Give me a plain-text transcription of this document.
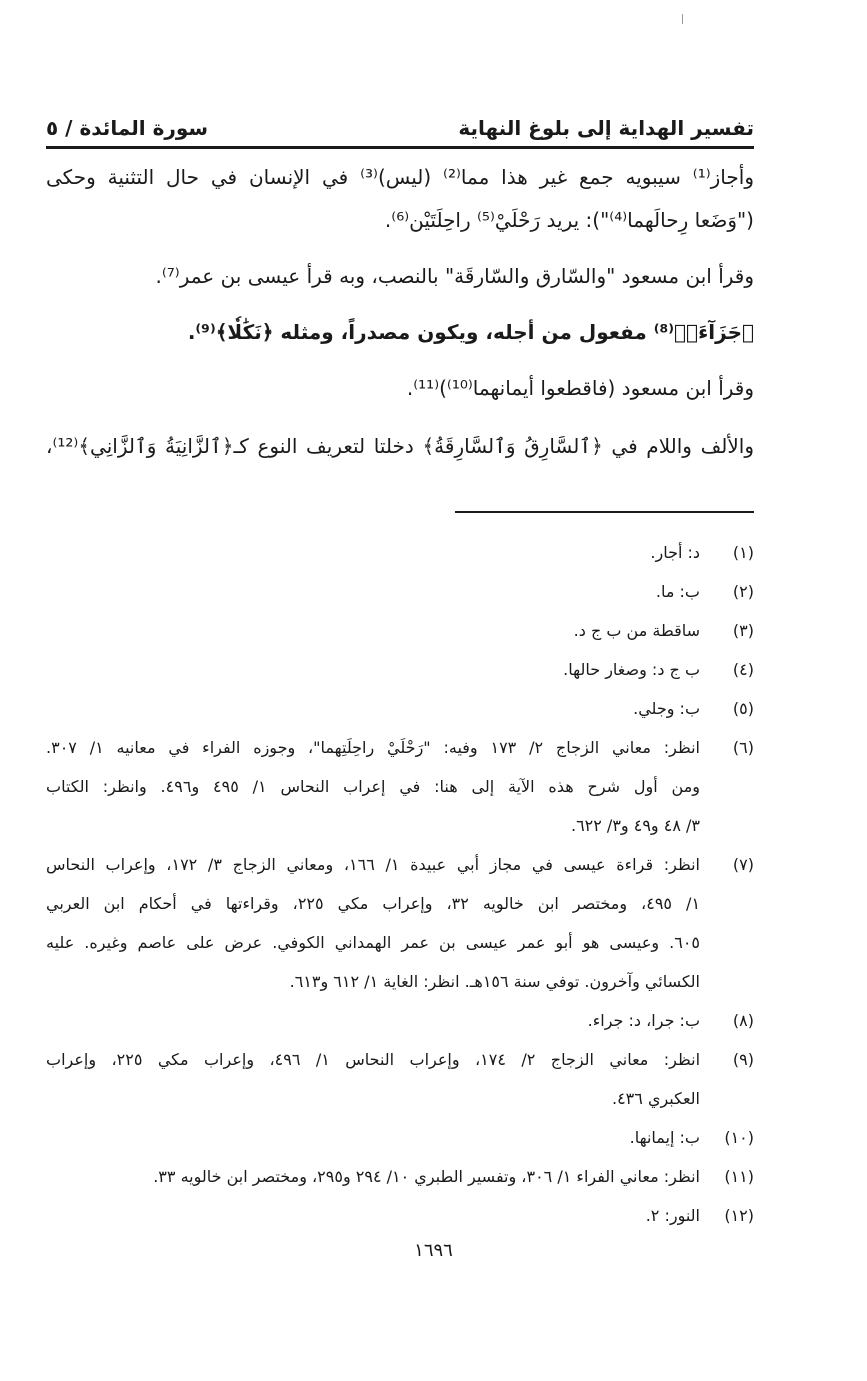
تفسير الهداية إلى بلوغ النهاية
سورة المائدة / ٥
وأجاز⁽¹⁾ سيبويه جمع غير هذا مما⁽²⁾ (ليس)⁽³⁾ في الإنسان في حال التثنية وحكى
("وَضَعا رِحالَهما⁽⁴⁾"): يريد رَحْلَيْ⁽⁵⁾ راحِلَتَيْن⁽⁶⁾.
وقرأ ابن مسعود "والسّارق والسّارقَة" بالنصب، وبه قرأ عيسى بن عمر⁽⁷⁾.
﴿جَزَآءَۢ﴾⁽⁸⁾ مفعول من أجله، ويكون مصدراً، ومثله ﴿نَكَٰلٗا﴾⁽⁹⁾.
وقرأ ابن مسعود (فاقطعوا أيمانهما⁽¹⁰⁾)⁽¹¹⁾.
والألف واللام في ﴿ٱلسَّارِقُ وَٱلسَّارِقَةُ﴾ دخلتا لتعريف النوع كـ﴿ٱلزَّانِيَةُ وَٱلزَّانِي﴾⁽¹²⁾،
(١)
د: أجار.
(٢)
ب: ما.
(٣)
ساقطة من ب ج د.
(٤)
ب ج د: وصغار حالها.
(٥)
ب: وجلي.
(٦)
انظر: معاني الزجاج ٢/ ١٧٣ وفيه: "رَحْلَيْ راحِلَتِهما"، وجوزه الفراء في معانيه ١/ ٣٠٧.
ومن أول شرح هذه الآية إلى هنا: في إعراب النحاس ١/ ٤٩٥ و٤٩٦. وانظر: الكتاب
٣/ ٤٨ و٤٩ و٣/ ٦٢٢.
(٧)
انظر: قراءة عيسى في مجاز أبي عبيدة ١/ ١٦٦، ومعاني الزجاج ٣/ ١٧٢، وإعراب النحاس
١/ ٤٩٥، ومختصر ابن خالويه ٣٢، وإعراب مكي ٢٢٥، وقراءتها في أحكام ابن العربي
٦٠٥. وعيسى هو أبو عمر عيسى بن عمر الهمداني الكوفي. عرض على عاصم وغيره. عليه
الكسائي وآخرون. توفي سنة ١٥٦هـ. انظر: الغاية ١/ ٦١٢ و٦١٣.
(٨)
ب: جرا، د: جراء.
(٩)
انظر: معاني الزجاج ٢/ ١٧٤، وإعراب النحاس ١/ ٤٩٦، وإعراب مكي ٢٢٥، وإعراب
العكبري ٤٣٦.
(١٠)
ب: إيمانها.
(١١)
انظر: معاني الفراء ١/ ٣٠٦، وتفسير الطبري ١٠/ ٢٩٤ و٢٩٥، ومختصر ابن خالويه ٣٣.
(١٢)
النور: ٢.
١٦٩٦
